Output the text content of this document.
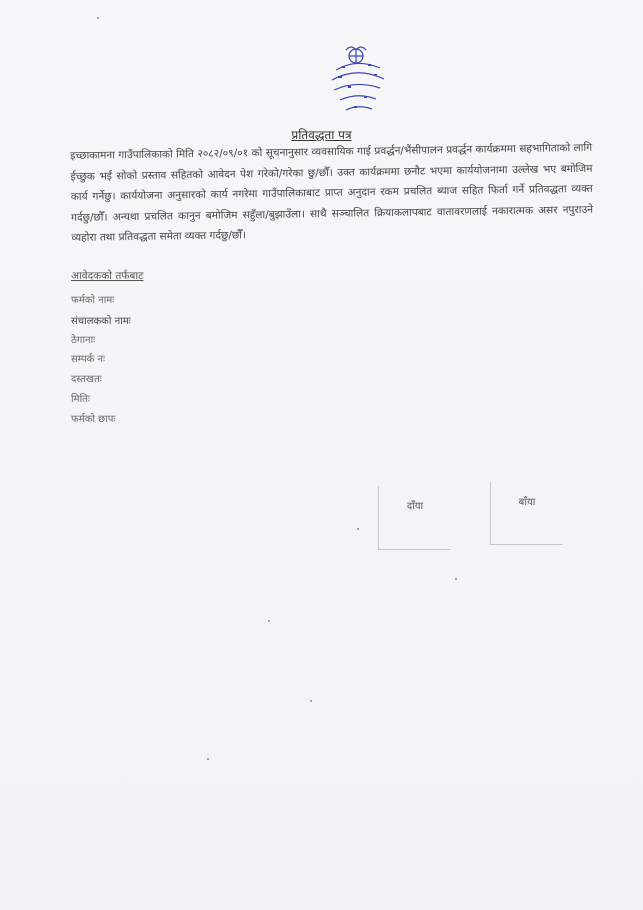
प्रतिवद्धता पत्र
इच्छाकामना गाउँपालिकाको मिति २०८२/०९/०१ को सूचनानुसार व्यवसायिक गाई प्रवर्द्धन/भैंसीपालन प्रवर्द्धन कार्यक्रममा सहभागिताको लागि ईच्छुक भई सोको प्रस्ताव सहितको आवेदन पेश गरेको/गरेका छु/छौँ। उक्त कार्यक्रममा छनौट भएमा कार्ययोजनामा उल्लेख भए बमोजिम कार्य गर्नेछु। कार्ययोजना अनुसारको कार्य नगरेमा गाउँपालिकाबाट प्राप्त अनुदान रकम प्रचलित ब्याज सहित फिर्ता गर्ने प्रतिवद्धता व्यक्त गर्दछु/छौँ। अन्यथा प्रचलित कानुन बमोजिम सहुँला/बुझाउँला। साथै सञ्चालित क्रियाकलापबाट वातावरणलाई नकारात्मक असर नपुराउने व्यहोरा तथा प्रतिवद्धता समेता व्यक्त गर्दछु/छौँ।
आवेदकको तर्फबाट
फर्मको नामः
संचालकको नामः
ठेगानाः
सम्पर्क नः
दस्तखतः
मितिः
फर्मको छापः
दाँया	बाँया
